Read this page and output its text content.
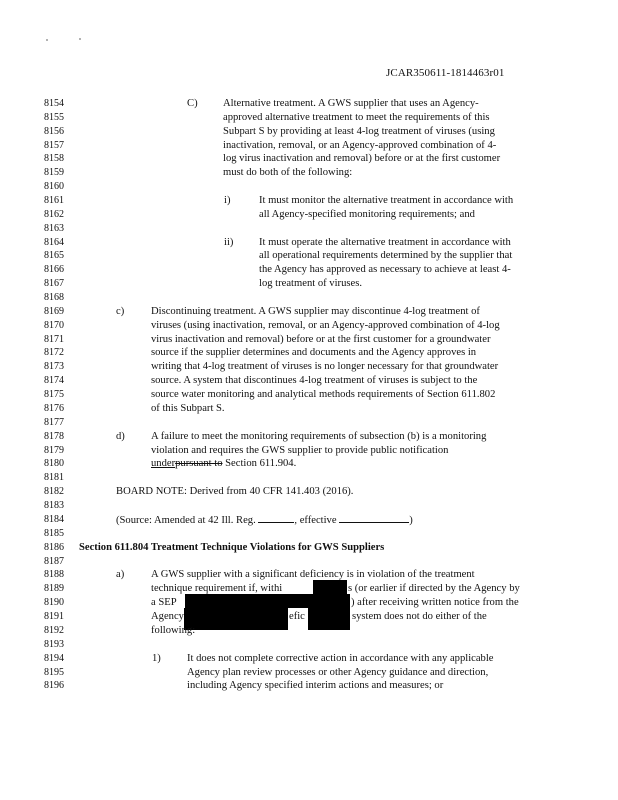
JCAR350611-1814463r01
8154
8155
8156
8157
8158
8159
8160
8161
8162
8163
8164
8165
8166
8167
8168
8169
8170
8171
8172
8173
8174
8175
8176
8177
8178
8179
8180
8181
8182
8183
8184
8185
8186
8187
8188
8189
8190
8191
8192
8193
8194
8195
8196
C) Alternative treatment. A GWS supplier that uses an Agency-
approved alternative treatment to meet the requirements of this
Subpart S by providing at least 4-log treatment of viruses (using
inactivation, removal, or an Agency-approved combination of 4-
log virus inactivation and removal) before or at the first customer
must do both of the following:
i)	It must monitor the alternative treatment in accordance with
all Agency-specified monitoring requirements; and
ii) It must operate the alternative treatment in accordance with
all operational requirements determined by the supplier that
the Agency has approved as necessary to achieve at least 4-
log treatment of viruses.
c)	Discontinuing treatment. A GWS supplier may discontinue 4-log treatment of
viruses (using inactivation, removal, or an Agency-approved combination of 4-log
virus inactivation and removal) before or at the first customer for a groundwater
source if the supplier determines and documents and the Agency approves in
writing that 4-log treatment of viruses is no longer necessary for that groundwater
source. A system that discontinues 4-log treatment of viruses is subject to the
source water monitoring and analytical methods requirements of Section 611.802
of this Subpart S.
d) A failure to meet the monitoring requirements of subsection (b) is a monitoring
violation and requires the GWS supplier to provide public notification
underpursuant to Section 611.904.
BOARD NOTE: Derived from 40 CFR 141.403 (2016).
(Source: Amended at 42 Ill. Reg.	, effective	)
Section 611.804 Treatment Technique Violations for GWS Suppliers
a)	A GWS supplier with a significant deficiency is in violation of the treatment
technique requirement if, withi	s (or earlier if directed by the Agency by
a SEP	) after receiving written notice from the
Agency	efic	system does not do either of the
following:
1) It does not complete corrective action in accordance with any applicable
Agency plan review processes or other Agency guidance and direction,
including Agency specified interim actions and measures; or
